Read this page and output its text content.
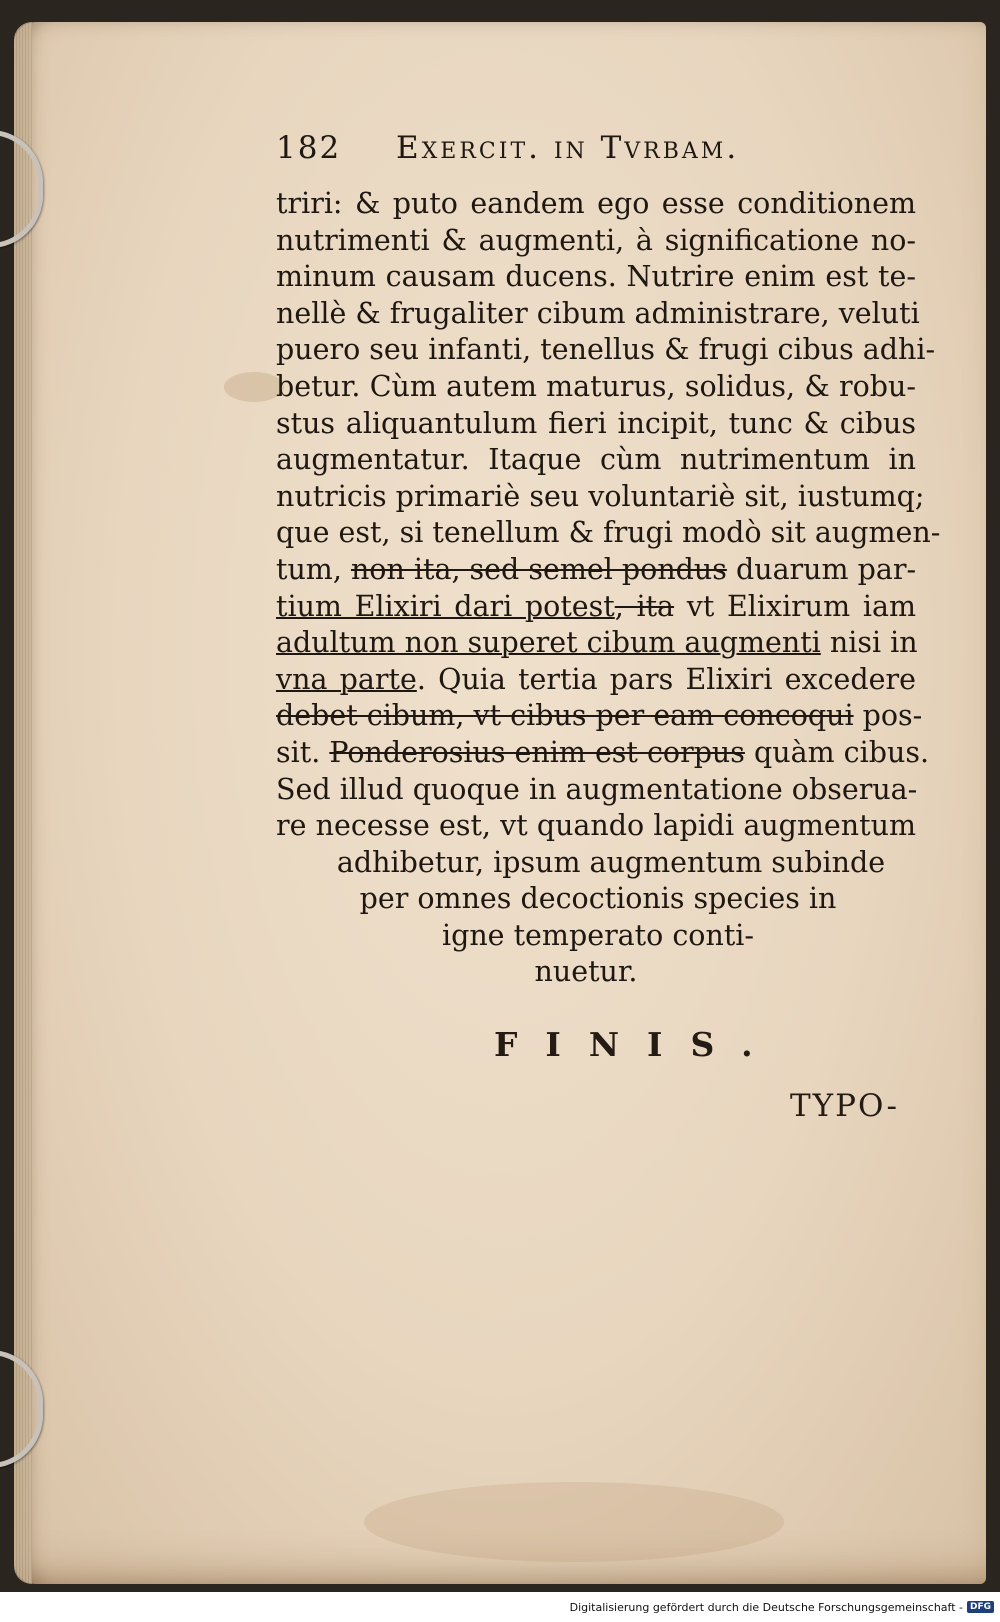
182	Exercit. in Tvrbam.
triri: & puto eandem ego esse conditionem
nutrimenti & augmenti, à significatione no-
minum causam ducens. Nutrire enim est te-
nellè & frugaliter cibum administrare, veluti
puero seu infanti, tenellus & frugi cibus adhi-
betur. Cùm autem maturus, solidus, & robu-
stus aliquantulum fieri incipit, tunc & cibus
augmentatur. Itaque cùm nutrimentum in
nutricis primariè seu voluntariè sit, iustumq;
que est, si tenellum & frugi modò sit augmen-
tum, non ita, sed semel pondus duarum par-
tium Elixiri dari potest, ita vt Elixirum iam
adultum non superet cibum augmenti nisi in
vna parte. Quia tertia pars Elixiri excedere
debet cibum, vt cibus per eam concoqui pos-
sit. Ponderosius enim est corpus quàm cibus.
Sed illud quoque in augmentatione obserua-
re necesse est, vt quando lapidi augmentum
adhibetur, ipsum augmentum subinde
per omnes decoctionis species in
igne temperato conti-
nuetur.
FINIS.
TYPO-
Digitalisierung gefördert durch die Deutsche Forschungsgemeinschaft - DFG
